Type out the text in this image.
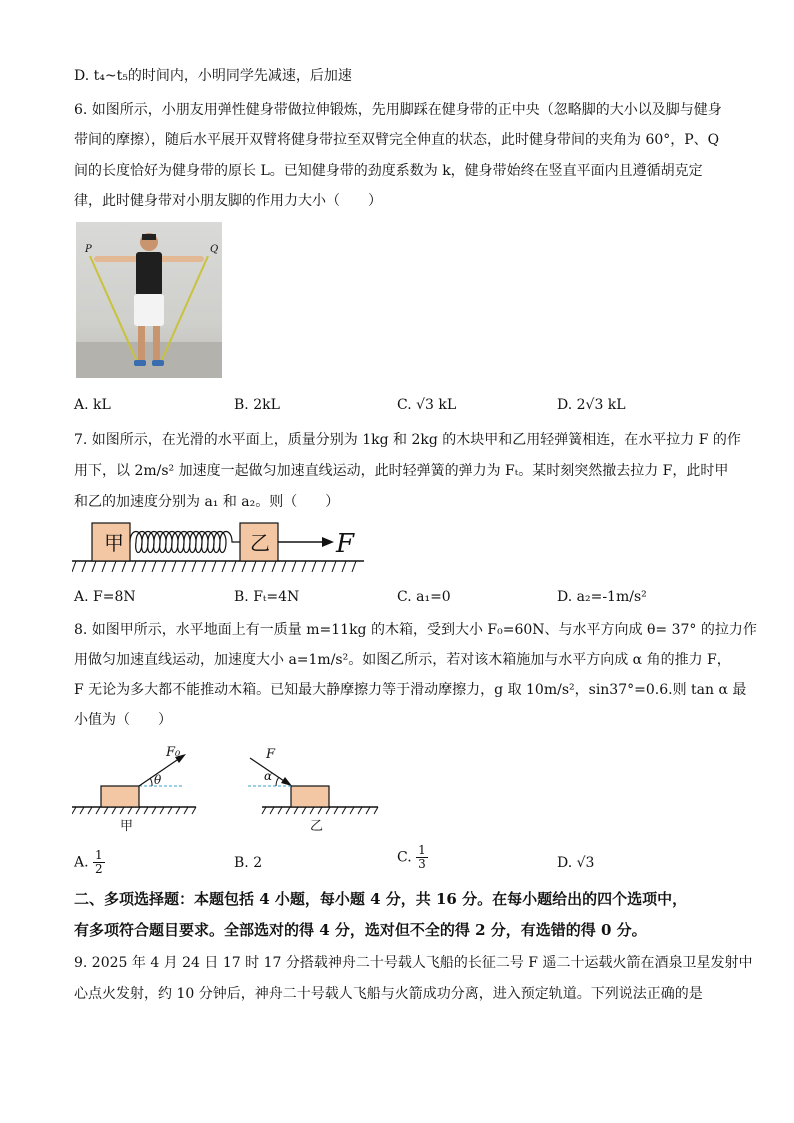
D. t₄~t₅的时间内，小明同学先减速，后加速
6. 如图所示，小朋友用弹性健身带做拉伸锻炼，先用脚踩在健身带的正中央（忽略脚的大小以及脚与健身
带间的摩擦），随后水平展开双臂将健身带拉至双臂完全伸直的状态，此时健身带间的夹角为 60°，P、Q
间的长度恰好为健身带的原长 L。已知健身带的劲度系数为 k，健身带始终在竖直平面内且遵循胡克定
律，此时健身带对小朋友脚的作用力大小（　　）
P	Q
A. kL	B. 2kL	C. √3 kL	D. 2√3 kL
7. 如图所示，在光滑的水平面上，质量分别为 1kg 和 2kg 的木块甲和乙用轻弹簧相连，在水平拉力 F 的作
用下，以 2m/s² 加速度一起做匀加速直线运动，此时轻弹簧的弹力为 Fₜ。某时刻突然撤去拉力 F，此时甲
和乙的加速度分别为 a₁ 和 a₂。则（　　）
甲	乙	F
A. F=8N	B. Fₜ=4N	C. a₁=0	D. a₂=-1m/s²
8. 如图甲所示，水平地面上有一质量 m=11kg 的木箱，受到大小 F₀=60N、与水平方向成 θ= 37° 的拉力作
用做匀加速直线运动，加速度大小 a=1m/s²。如图乙所示，若对该木箱施加与水平方向成 α 角的推力 F，
F 无论为多大都不能推动木箱。已知最大静摩擦力等于滑动摩擦力，g 取 10m/s²，sin37°=0.6.则 tan α 最
小值为（　　）
F₀
θ
甲
F
α
乙
A. $\frac{1}{2}$	B. 2	C. $\frac{1}{3}$	D. √3
二、多项选择题：本题包括 4 小题，每小题 4 分，共 16 分。在每小题给出的四个选项中，
有多项符合题目要求。全部选对的得 4 分，选对但不全的得 2 分，有选错的得 0 分。
9. 2025 年 4 月 24 日 17 时 17 分搭载神舟二十号载人飞船的长征二号 F 遥二十运载火箭在酒泉卫星发射中
心点火发射，约 10 分钟后，神舟二十号载人飞船与火箭成功分离，进入预定轨道。下列说法正确的是
